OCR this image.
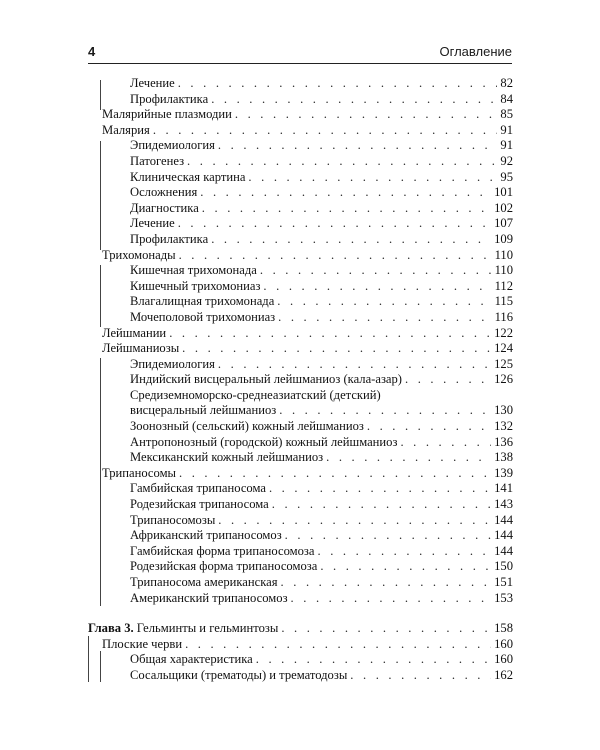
4	Оглавление
Лечение . . .	82
Профилактика . . .	84
Малярийные плазмодии . . .	85
Малярия . . .	91
Эпидемиология . . .	91
Патогенез . . .	92
Клиническая картина . . .	95
Осложнения . . .	101
Диагностика . . .	102
Лечение . . .	107
Профилактика . . .	109
Трихомонады . . .	110
Кишечная трихомонада . . .	110
Кишечный трихомониаз . . .	112
Влагалищная трихомонада . . .	115
Мочеполовой трихомониаз . . .	116
Лейшмании . . .	122
Лейшманиозы . . .	124
Эпидемиология . . .	125
Индийский висцеральный лейшманиоз (кала-азар) . . .	126
Средиземноморско-среднеазиатский (детский)
висцеральный лейшманиоз . . .	130
Зоонозный (сельский) кожный лейшманиоз . . .	132
Антропонозный (городской) кожный лейшманиоз . . .	136
Мексиканский кожный лейшманиоз . . .	138
Трипаносомы . . .	139
Гамбийская трипаносома . . .	141
Родезийская трипаносома . . .	143
Трипаносомозы . . .	144
Африканский трипаносомоз . . .	144
Гамбийская форма трипаносомоза . . .	144
Родезийская форма трипаносомоза . . .	150
Трипаносома американская . . .	151
Американский трипаносомоз . . .	153
Глава 3. Гельминты и гельминтозы . . .	158
Плоские черви . . .	160
Общая характеристика . . .	160
Сосальщики (трематоды) и трематодозы . . .	162
